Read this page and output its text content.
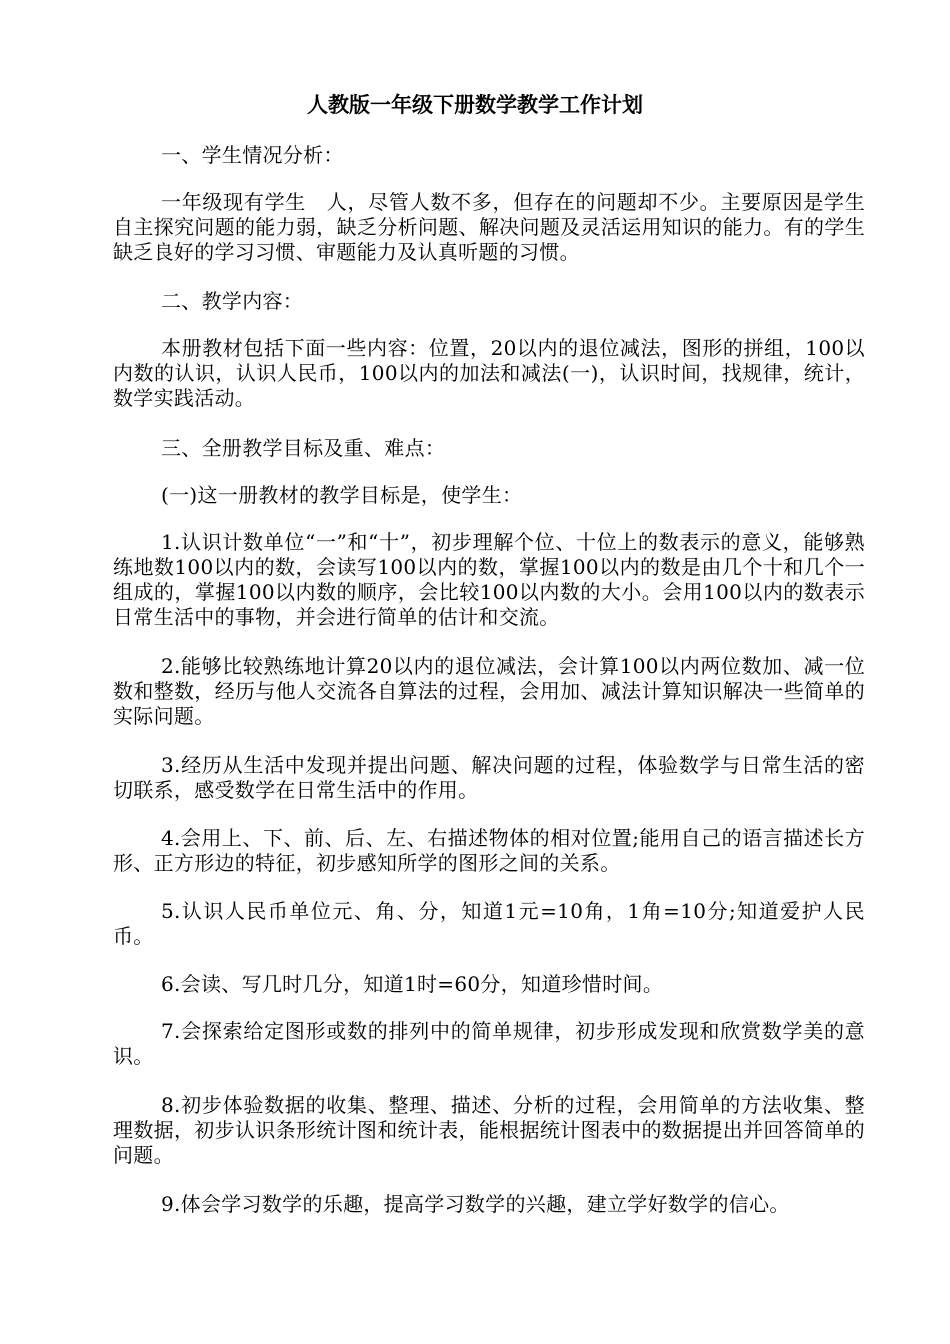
人教版一年级下册数学教学工作计划

一、学生情况分析：

一年级现有学生　人，尽管人数不多，但存在的问题却不少。主要原因是学生自主探究问题的能力弱，缺乏分析问题、解决问题及灵活运用知识的能力。有的学生缺乏良好的学习习惯、审题能力及认真听题的习惯。

二、教学内容：

本册教材包括下面一些内容：位置，20以内的退位减法，图形的拼组，100以内数的认识，认识人民币，100以内的加法和减法(一)，认识时间，找规律，统计，数学实践活动。

三、全册教学目标及重、难点：

(一)这一册教材的教学目标是，使学生：

1.认识计数单位“一”和“十”，初步理解个位、十位上的数表示的意义，能够熟练地数100以内的数，会读写100以内的数，掌握100以内的数是由几个十和几个一组成的，掌握100以内数的顺序，会比较100以内数的大小。会用100以内的数表示日常生活中的事物，并会进行简单的估计和交流。

2.能够比较熟练地计算20以内的退位减法，会计算100以内两位数加、减一位数和整数，经历与他人交流各自算法的过程，会用加、减法计算知识解决一些简单的实际问题。

3.经历从生活中发现并提出问题、解决问题的过程，体验数学与日常生活的密切联系，感受数学在日常生活中的作用。

4.会用上、下、前、后、左、右描述物体的相对位置;能用自己的语言描述长方形、正方形边的特征，初步感知所学的图形之间的关系。

5.认识人民币单位元、角、分，知道1元=10角，1角=10分;知道爱护人民币。

6.会读、写几时几分，知道1时=60分，知道珍惜时间。

7.会探索给定图形或数的排列中的简单规律，初步形成发现和欣赏数学美的意识。

8.初步体验数据的收集、整理、描述、分析的过程，会用简单的方法收集、整理数据，初步认识条形统计图和统计表，能根据统计图表中的数据提出并回答简单的问题。

9.体会学习数学的乐趣，提高学习数学的兴趣，建立学好数学的信心。
